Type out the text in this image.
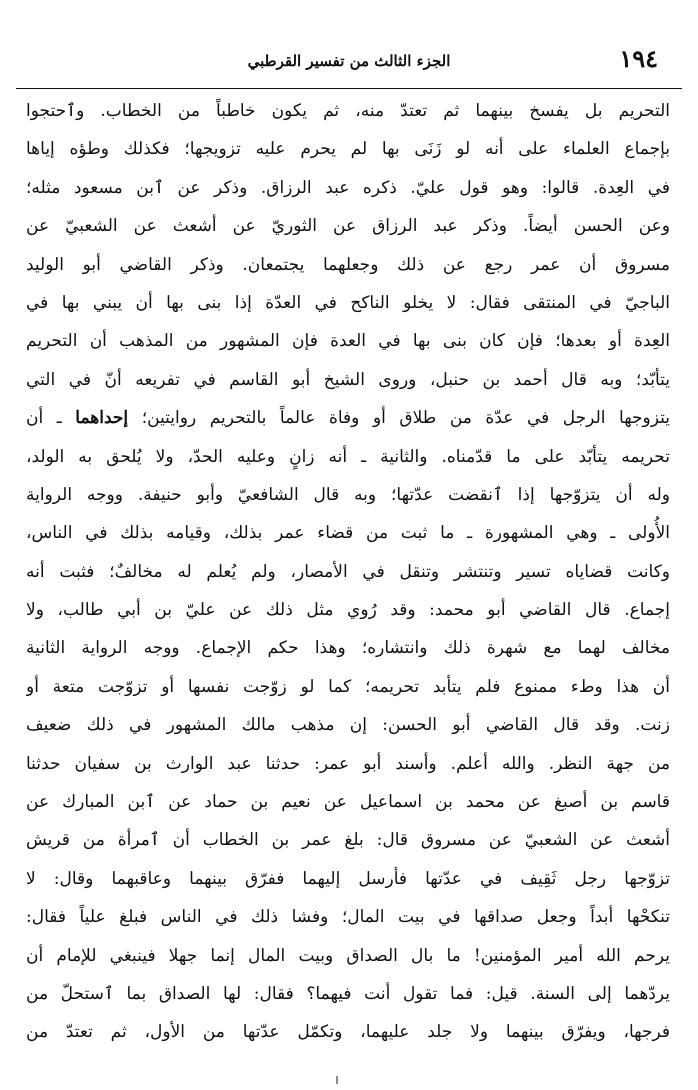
١٩٤
الجزء الثالث من تفسير القرطبي
التحريم بل يفسخ بينهما ثم تعتدّ منه، ثم يكون خاطباً من الخطاب. وٱحتجوا
بإجماع العلماء على أنه لو زَنَى بها لم يحرم عليه تزويجها؛ فكذلك وطؤه إياها
في العِدة. قالوا: وهو قول عليّ. ذكره عبد الرزاق. وذكر عن ٱبن مسعود مثله؛
وعن الحسن أيضاً. وذكر عبد الرزاق عن الثوريّ عن أشعث عن الشعبيّ عن
مسروق أن عمر رجع عن ذلك وجعلهما يجتمعان. وذكر القاضي أبو الوليد
الباجيّ في المنتقى فقال: لا يخلو الناكح في العدّة إذا بنى بها أن يبني بها في
العِدة أو بعدها؛ فإن كان بنى بها في العدة فإن المشهور من المذهب أن التحريم
يتأبّد؛ وبه قال أحمد بن حنبل، وروى الشيخ أبو القاسم في تفريعه أنّ في التي
يتزوجها الرجل في عدّة من طلاق أو وفاة عالماً بالتحريم روايتين؛ إحداهما ـ أن
تحريمه يتأبّد على ما قدّمناه. والثانية ـ أنه زانٍ وعليه الحدّ، ولا يُلحق به الولد،
وله أن يتزوّجها إذا ٱنقضت عدّتها؛ وبه قال الشافعيّ وأبو حنيفة. ووجه الرواية
الأُولى ـ وهي المشهورة ـ ما ثبت من قضاء عمر بذلك، وقيامه بذلك في الناس،
وكانت قضاياه تسير وتنتشر وتنقل في الأمصار، ولم يُعلم له مخالفٌ؛ فثبت أنه
إجماع. قال القاضي أبو محمد: وقد رُوي مثل ذلك عن عليّ بن أبي طالب، ولا
مخالف لهما مع شهرة ذلك وانتشاره؛ وهذا حكم الإجماع. ووجه الرواية الثانية
أن هذا وطء ممنوع فلم يتأبد تحريمه؛ كما لو زوّجت نفسها أو تزوّجت متعة أو
زنت. وقد قال القاضي أبو الحسن: إن مذهب مالك المشهور في ذلك ضعيف
من جهة النظر. والله أعلم. وأسند أبو عمر: حدثنا عبد الوارث بن سفيان حدثنا
قاسم بن أصبغ عن محمد بن اسماعيل عن نعيم بن حماد عن ٱبن المبارك عن
أشعث عن الشعبيّ عن مسروق قال: بلغ عمر بن الخطاب أن ٱمرأة من قريش
تزوّجها رجل ثَقِيف في عدّتها فأرسل إليهما ففرّق بينهما وعاقبهما وقال: لا
تنكحْها أبداً وجعل صداقها في بيت المال؛ وفشا ذلك في الناس فبلغ علياً فقال:
يرحم الله أمير المؤمنين! ما بال الصداق وبيت المال إنما جهلا فينبغي للإمام أن
يردّهما إلى السنة. قيل: فما تقول أنت فيهما؟ فقال: لها الصداق بما ٱستحلّ من
فرجها، ويفرّق بينهما ولا جلد عليهما، وتكمّل عدّتها من الأول، ثم تعتدّ من
